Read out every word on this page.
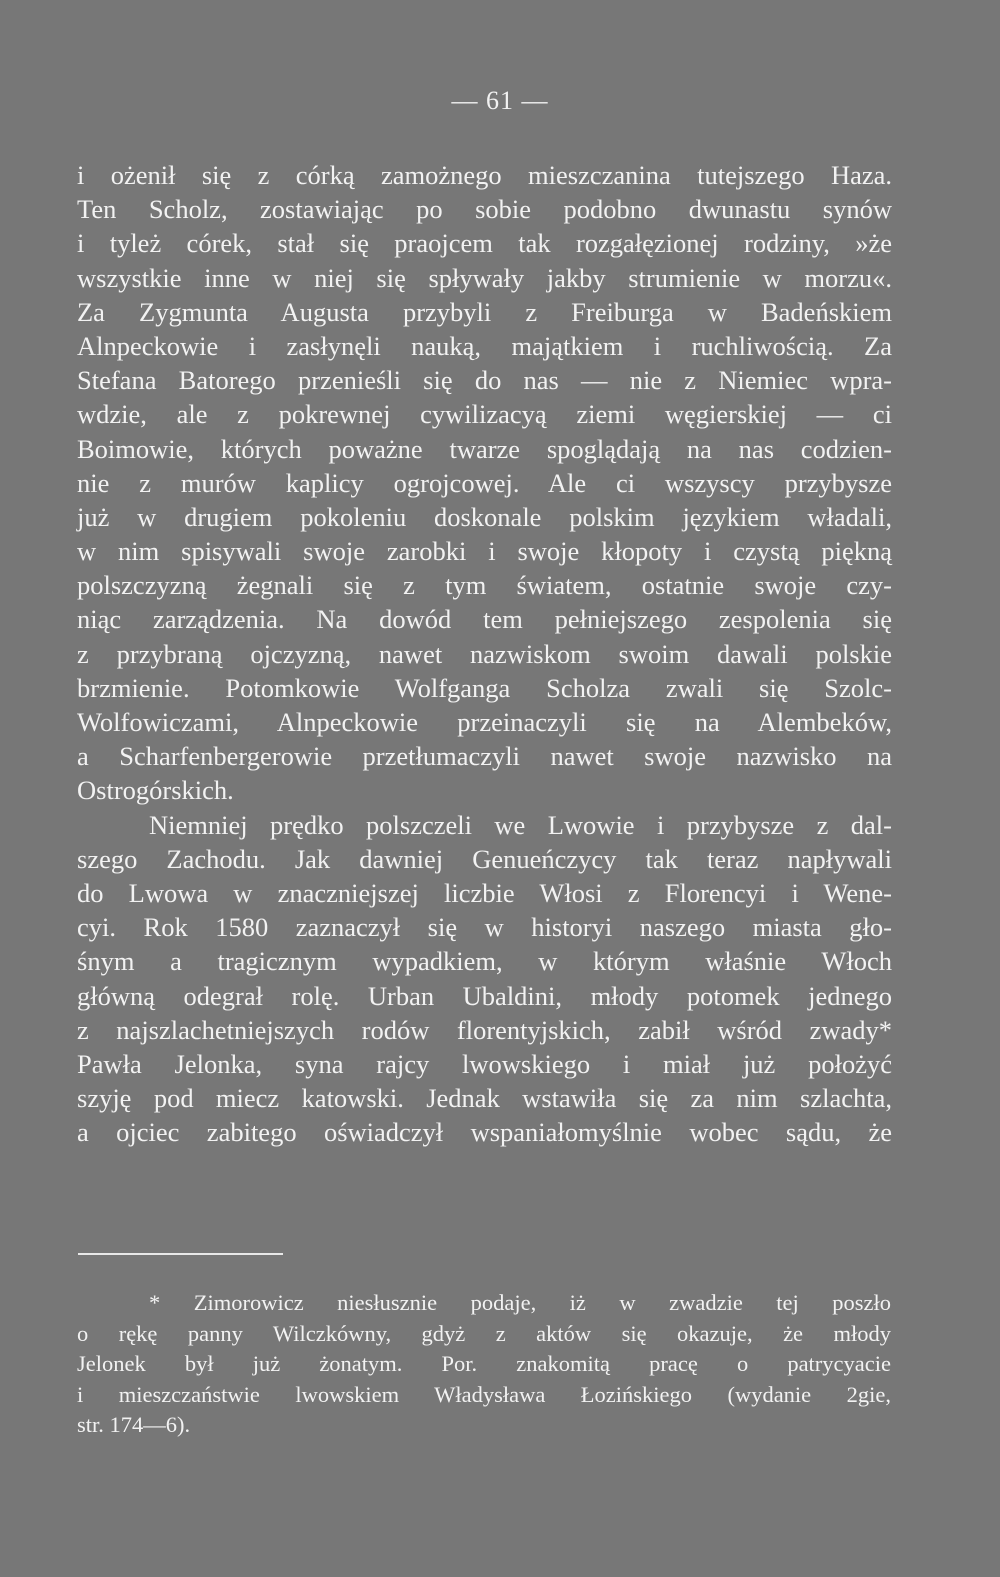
— 61 —
i ożenił się z córką zamożnego mieszczanina tutejszego Haza.
Ten Scholz, zostawiając po sobie podobno dwunastu synów
i tyleż córek, stał się praojcem tak rozgałęzionej rodziny, »że
wszystkie inne w niej się spływały jakby strumienie w morzu«.
Za Zygmunta Augusta przybyli z Freiburga w Badeńskiem
Alnpeckowie i zasłynęli nauką, majątkiem i ruchliwością. Za
Stefana Batorego przenieśli się do nas — nie z Niemiec wpra-
wdzie, ale z pokrewnej cywilizacyą ziemi węgierskiej — ci
Boimowie, których poważne twarze spoglądają na nas codzien-
nie z murów kaplicy ogrojcowej. Ale ci wszyscy przybysze
już w drugiem pokoleniu doskonale polskim językiem władali,
w nim spisywali swoje zarobki i swoje kłopoty i czystą piękną
polszczyzną żegnali się z tym światem, ostatnie swoje czy-
niąc zarządzenia. Na dowód tem pełniejszego zespolenia się
z przybraną ojczyzną, nawet nazwiskom swoim dawali polskie
brzmienie. Potomkowie Wolfganga Scholza zwali się Szolc-
Wolfowiczami, Alnpeckowie przeinaczyli się na Alembeków,
a Scharfenbergerowie przetłumaczyli nawet swoje nazwisko na
Ostrogórskich.
Niemniej prędko polszczeli we Lwowie i przybysze z dal-
szego Zachodu. Jak dawniej Genueńczycy tak teraz napływali
do Lwowa w znaczniejszej liczbie Włosi z Florencyi i Wene-
cyi. Rok 1580 zaznaczył się w historyi naszego miasta gło-
śnym a tragicznym wypadkiem, w którym właśnie Włoch
główną odegrał rolę. Urban Ubaldini, młody potomek jednego
z najszlachetniejszych rodów florentyjskich, zabił wśród zwady*
Pawła Jelonka, syna rajcy lwowskiego i miał już położyć
szyję pod miecz katowski. Jednak wstawiła się za nim szlachta,
a ojciec zabitego oświadczył wspaniałomyślnie wobec sądu, że
* Zimorowicz niesłusznie podaje, iż w zwadzie tej poszło
o rękę panny Wilczkówny, gdyż z aktów się okazuje, że młody
Jelonek był już żonatym. Por. znakomitą pracę o patrycyacie
i mieszczaństwie lwowskiem Władysława Łozińskiego (wydanie 2gie,
str. 174—6).
